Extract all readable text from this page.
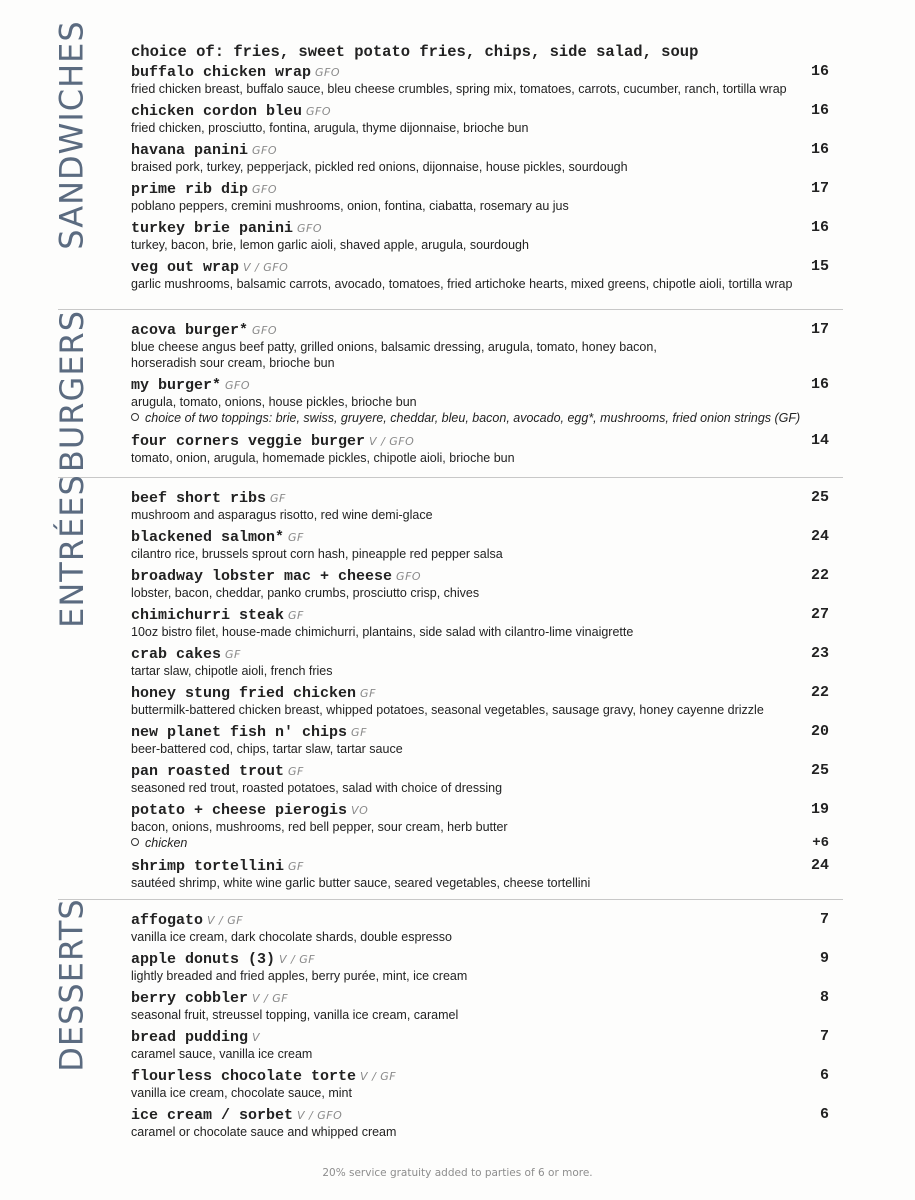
SANDWICHES	choice of: fries, sweet potato fries, chips, side salad, soup
buffalo chicken wrap GFO	16
fried chicken breast, buffalo sauce, bleu cheese crumbles, spring mix, tomatoes, carrots, cucumber, ranch, tortilla wrap
chicken cordon bleu GFO	16
fried chicken, prosciutto, fontina, arugula, thyme dijonnaise, brioche bun
havana panini GFO	16
braised pork, turkey, pepperjack, pickled red onions, dijonnaise, house pickles, sourdough
prime rib dip GFO	17
poblano peppers, cremini mushrooms, onion, fontina, ciabatta, rosemary au jus
turkey brie panini GFO	16
turkey, bacon, brie, lemon garlic aioli, shaved apple, arugula, sourdough
veg out wrap V / GFO	15
garlic mushrooms, balsamic carrots, avocado, tomatoes, fried artichoke hearts, mixed greens, chipotle aioli, tortilla wrap
BURGERS	acova burger* GFO	17
blue cheese angus beef patty, grilled onions, balsamic dressing, arugula, tomato, honey bacon,
horseradish sour cream, brioche bun
my burger* GFO	16
arugula, tomato, onions, house pickles, brioche bun
choice of two toppings: brie, swiss, gruyere, cheddar, bleu, bacon, avocado, egg*, mushrooms, fried onion strings (GF)
four corners veggie burger V / GFO	14
tomato, onion, arugula, homemade pickles, chipotle aioli, brioche bun
ENTRÉES	beef short ribs GF	25
mushroom and asparagus risotto, red wine demi-glace
blackened salmon* GF	24
cilantro rice, brussels sprout corn hash, pineapple red pepper salsa
broadway lobster mac + cheese GFO	22
lobster, bacon, cheddar, panko crumbs, prosciutto crisp, chives
chimichurri steak GF	27
10oz bistro filet, house-made chimichurri, plantains, side salad with cilantro-lime vinaigrette
crab cakes GF	23
tartar slaw, chipotle aioli, french fries
honey stung fried chicken GF	22
buttermilk-battered chicken breast, whipped potatoes, seasonal vegetables, sausage gravy, honey cayenne drizzle
new planet fish n' chips GF	20
beer-battered cod, chips, tartar slaw, tartar sauce
pan roasted trout GF	25
seasoned red trout, roasted potatoes, salad with choice of dressing
potato + cheese pierogis VO	19
bacon, onions, mushrooms, red bell pepper, sour cream, herb butter
chicken	+6
shrimp tortellini GF	24
sautéed shrimp, white wine garlic butter sauce, seared vegetables, cheese tortellini
DESSERTS	affogato V / GF	7
vanilla ice cream, dark chocolate shards, double espresso
apple donuts (3) V / GF	9
lightly breaded and fried apples, berry purée, mint, ice cream
berry cobbler V / GF	8
seasonal fruit, streussel topping, vanilla ice cream, caramel
bread pudding V	7
caramel sauce, vanilla ice cream
flourless chocolate torte V / GF	6
vanilla ice cream, chocolate sauce, mint
ice cream / sorbet V / GFO	6
caramel or chocolate sauce and whipped cream
20% service gratuity added to parties of 6 or more.
